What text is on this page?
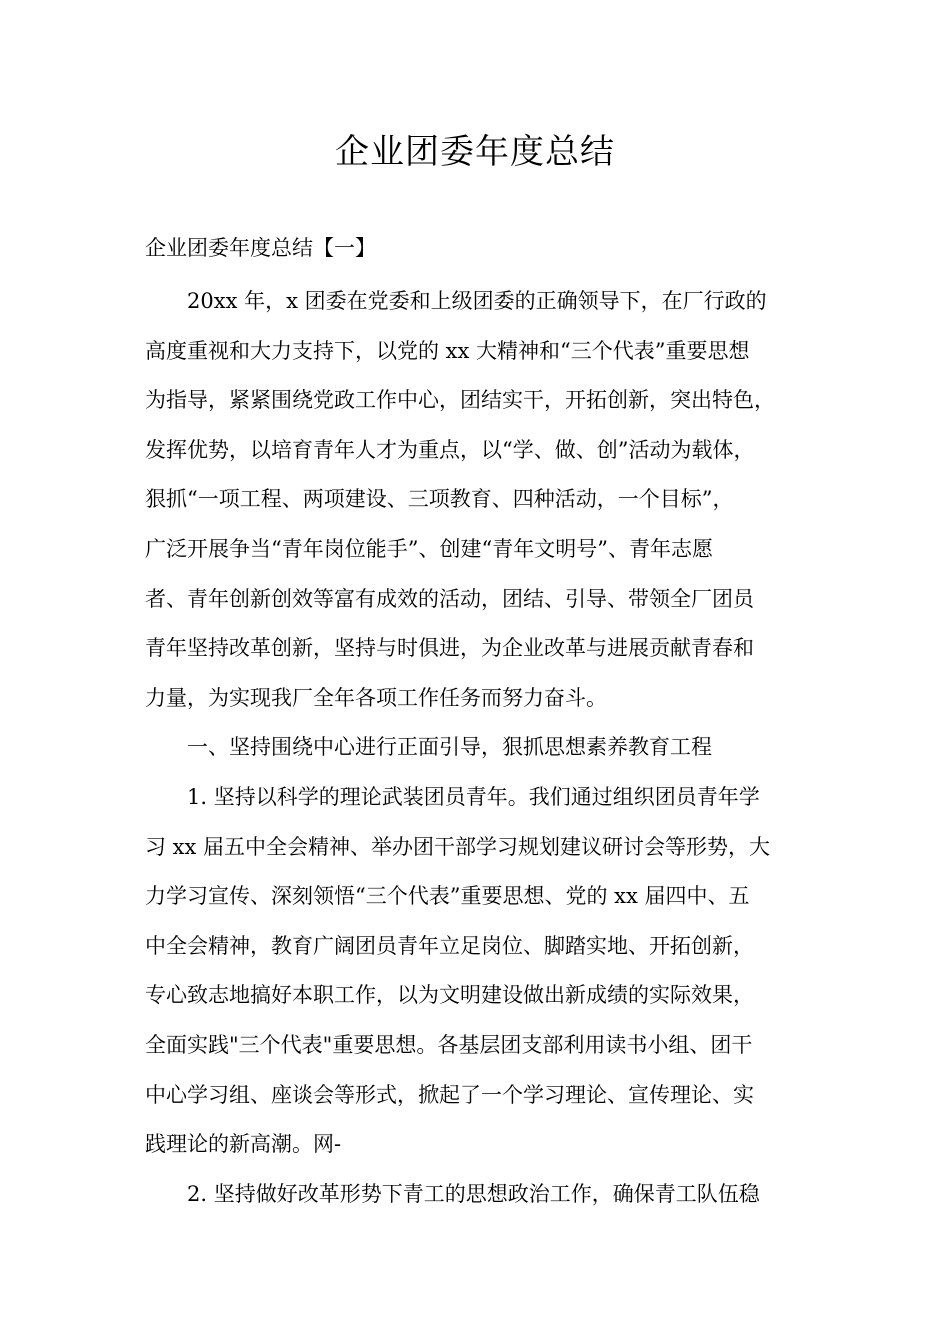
企业团委年度总结
企业团委年度总结【一】
20xx 年，x 团委在党委和上级团委的正确领导下，在厂行政的
高度重视和大力支持下，以党的 xx 大精神和“三个代表”重要思想
为指导，紧紧围绕党政工作中心，团结实干，开拓创新，突出特色，
发挥优势，以培育青年人才为重点，以“学、做、创”活动为载体，
狠抓“一项工程、两项建设、三项教育、四种活动，一个目标”，
广泛开展争当“青年岗位能手”、创建“青年文明号”、青年志愿
者、青年创新创效等富有成效的活动，团结、引导、带领全厂团员
青年坚持改革创新，坚持与时俱进，为企业改革与进展贡献青春和
力量，为实现我厂全年各项工作任务而努力奋斗。
一、坚持围绕中心进行正面引导，狠抓思想素养教育工程
1. 坚持以科学的理论武装团员青年。我们通过组织团员青年学
习 xx 届五中全会精神、举办团干部学习规划建议研讨会等形势，大
力学习宣传、深刻领悟“三个代表”重要思想、党的 xx 届四中、五
中全会精神，教育广阔团员青年立足岗位、脚踏实地、开拓创新，
专心致志地搞好本职工作，以为文明建设做出新成绩的实际效果，
全面实践"三个代表"重要思想。各基层团支部利用读书小组、团干
中心学习组、座谈会等形式，掀起了一个学习理论、宣传理论、实
践理论的新高潮。网-
2. 坚持做好改革形势下青工的思想政治工作，确保青工队伍稳
